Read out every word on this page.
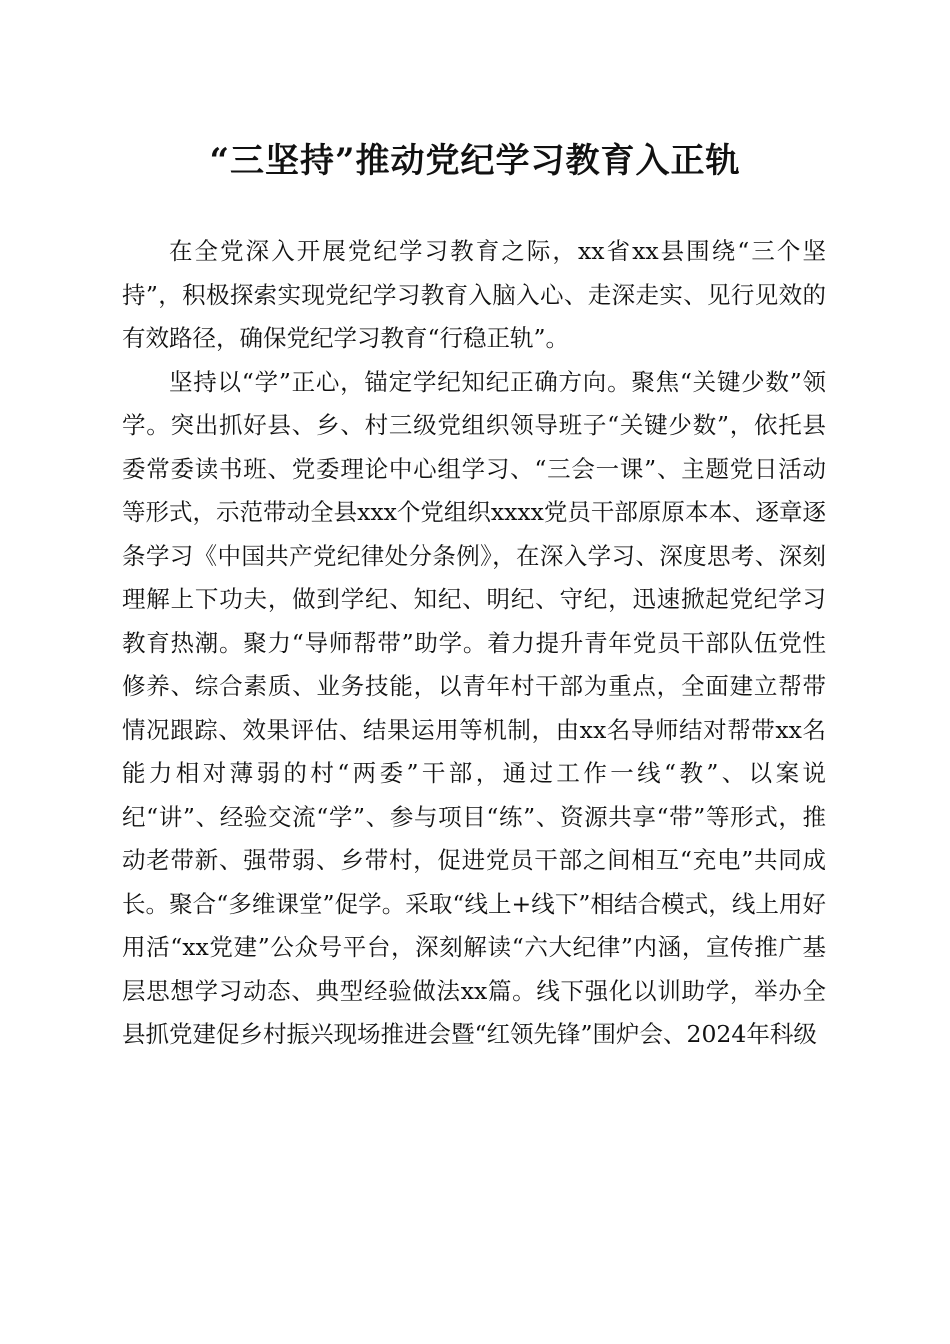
“三坚持”推动党纪学习教育入正轨

在全党深入开展党纪学习教育之际，xx省xx县围绕“三个坚持”，积极探索实现党纪学习教育入脑入心、走深走实、见行见效的有效路径，确保党纪学习教育“行稳正轨”。

坚持以“学”正心，锚定学纪知纪正确方向。聚焦“关键少数”领学。突出抓好县、乡、村三级党组织领导班子“关键少数”，依托县委常委读书班、党委理论中心组学习、“三会一课”、主题党日活动等形式，示范带动全县xxx个党组织xxxx党员干部原原本本、逐章逐条学习《中国共产党纪律处分条例》，在深入学习、深度思考、深刻理解上下功夫，做到学纪、知纪、明纪、守纪，迅速掀起党纪学习教育热潮。聚力“导师帮带”助学。着力提升青年党员干部队伍党性修养、综合素质、业务技能，以青年村干部为重点，全面建立帮带情况跟踪、效果评估、结果运用等机制，由xx名导师结对帮带xx名能力相对薄弱的村“两委”干部，通过工作一线“教”、以案说纪“讲”、经验交流“学”、参与项目“练”、资源共享“带”等形式，推动老带新、强带弱、乡带村，促进党员干部之间相互“充电”共同成长。聚合“多维课堂”促学。采取“线上+线下”相结合模式，线上用好用活“xx党建”公众号平台，深刻解读“六大纪律”内涵，宣传推广基层思想学习动态、典型经验做法xx篇。线下强化以训助学，举办全县抓党建促乡村振兴现场推进会暨“红领先锋”围炉会、2024年科级
